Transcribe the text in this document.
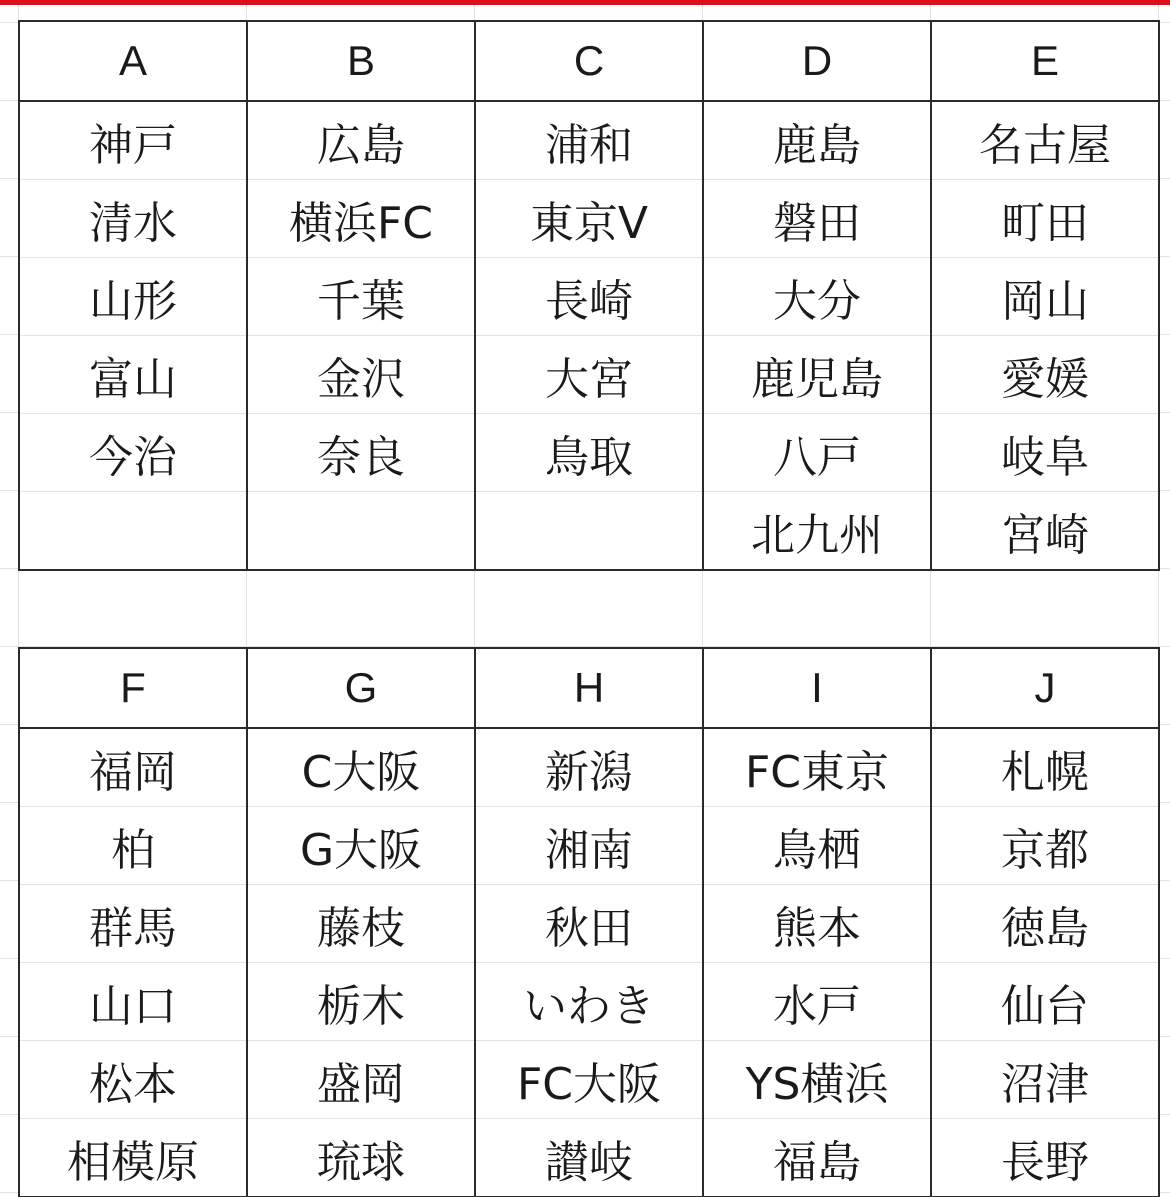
A	B	C	D	E
神戸	広島	浦和	鹿島	名古屋
清水	横浜FC	東京V	磐田	町田
山形	千葉	長崎	大分	岡山
富山	金沢	大宮	鹿児島	愛媛
今治	奈良	鳥取	八戸	岐阜
			北九州	宮崎
F	G	H	I	J
福岡	C大阪	新潟	FC東京	札幌
柏	G大阪	湘南	鳥栖	京都
群馬	藤枝	秋田	熊本	徳島
山口	栃木	いわき	水戸	仙台
松本	盛岡	FC大阪	YS横浜	沼津
相模原	琉球	讃岐	福島	長野
